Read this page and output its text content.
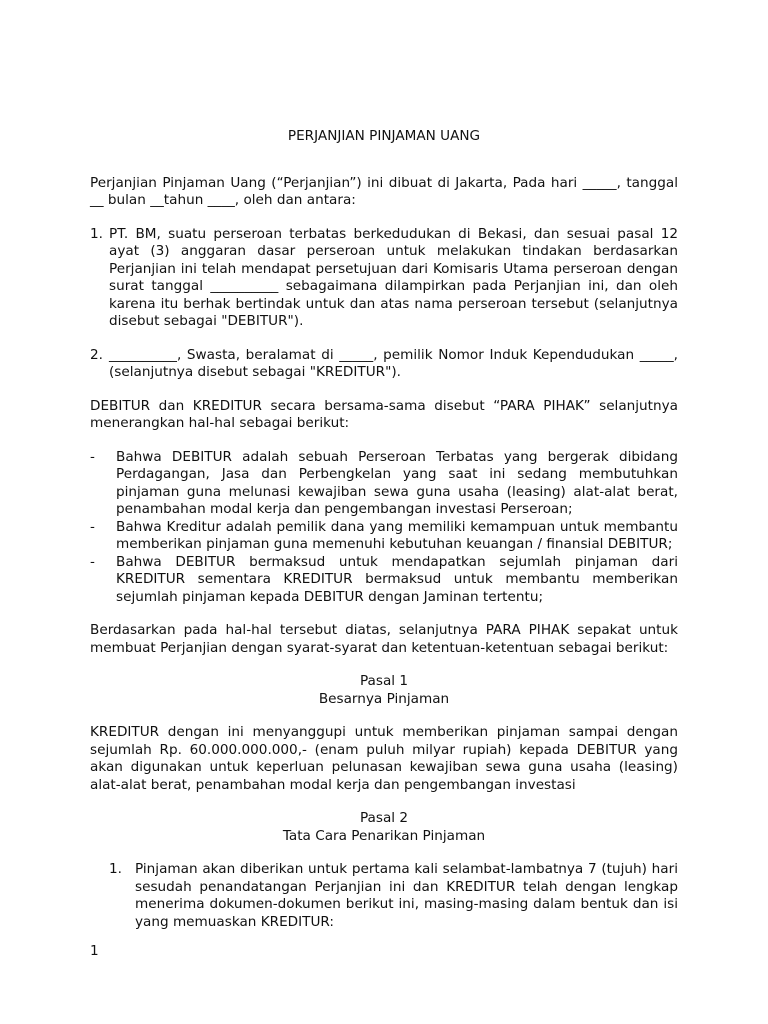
PERJANJIAN PINJAMAN UANG

Perjanjian Pinjaman Uang (“Perjanjian”) ini dibuat di Jakarta, Pada hari _____, tanggal __ bulan __tahun ____, oleh dan antara:

1. PT. BM, suatu perseroan terbatas berkedudukan di Bekasi, dan sesuai pasal 12 ayat (3) anggaran dasar perseroan untuk melakukan tindakan berdasarkan Perjanjian ini telah mendapat persetujuan dari Komisaris Utama perseroan dengan surat tanggal __________ sebagaimana dilampirkan pada Perjanjian ini, dan oleh karena itu berhak bertindak untuk dan atas nama perseroan tersebut (selanjutnya disebut sebagai "DEBITUR").
2. __________, Swasta, beralamat di _____, pemilik Nomor Induk Kependudukan _____, (selanjutnya disebut sebagai "KREDITUR").

DEBITUR dan KREDITUR secara bersama-sama disebut “PARA PIHAK” selanjutnya menerangkan hal-hal sebagai berikut:

-	Bahwa DEBITUR adalah sebuah Perseroan Terbatas yang bergerak dibidang Perdagangan, Jasa dan Perbengkelan yang saat ini sedang membutuhkan pinjaman guna melunasi kewajiban sewa guna usaha (leasing) alat-alat berat, penambahan modal kerja dan pengembangan investasi Perseroan;
-	Bahwa Kreditur adalah pemilik dana yang memiliki kemampuan untuk membantu memberikan pinjaman guna memenuhi kebutuhan keuangan / finansial DEBITUR;
-	Bahwa DEBITUR bermaksud untuk mendapatkan sejumlah pinjaman dari KREDITUR sementara KREDITUR bermaksud untuk membantu memberikan sejumlah pinjaman kepada DEBITUR dengan Jaminan tertentu;

Berdasarkan pada hal-hal tersebut diatas, selanjutnya PARA PIHAK sepakat untuk membuat Perjanjian dengan syarat-syarat dan ketentuan-ketentuan sebagai berikut:

Pasal 1
Besarnya Pinjaman

KREDITUR dengan ini menyanggupi untuk memberikan pinjaman sampai dengan sejumlah Rp. 60.000.000.000,- (enam puluh milyar rupiah) kepada DEBITUR yang akan digunakan untuk keperluan pelunasan kewajiban sewa guna usaha (leasing) alat-alat berat, penambahan modal kerja dan pengembangan investasi

Pasal 2
Tata Cara Penarikan Pinjaman
1. Pinjaman akan diberikan untuk pertama kali selambat-lambatnya 7 (tujuh) hari sesudah penandatangan Perjanjian ini dan KREDITUR telah dengan lengkap menerima dokumen-dokumen berikut ini, masing-masing dalam bentuk dan isi yang memuaskan KREDITUR:
1
